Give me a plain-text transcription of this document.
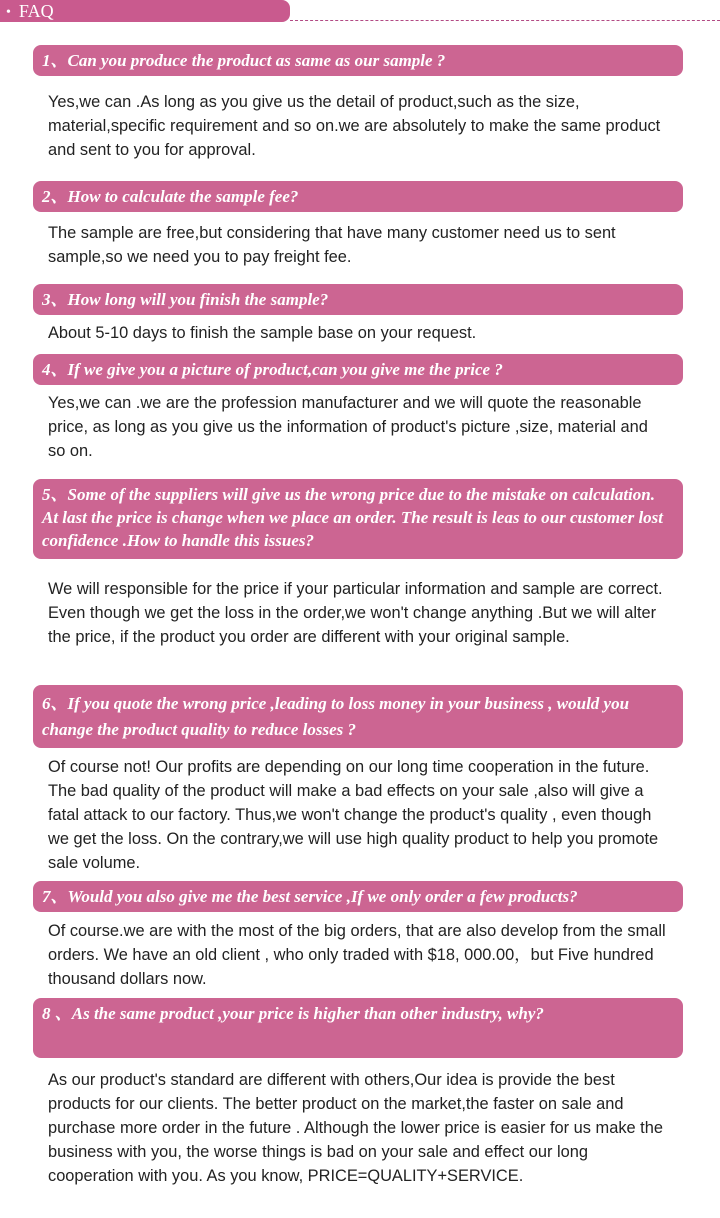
• FAQ
1、Can you produce the product as same as our sample ?

Yes,we can .As long as you give us the detail of product,such as the size, material,specific requirement and so on.we are absolutely to make the same product and sent to you for approval.

2、How to calculate the sample fee?

The sample are free,but considering that have many customer need us to sent sample,so we need you to pay freight fee.

3、How long will you finish the sample?

About 5-10 days to finish the sample base on your request.

4、If we give you a picture of product,can you give me the price ?

Yes,we can .we are the profession manufacturer and we will quote the reasonable price, as long as you give us the information of product's picture ,size, material and so on.

5、Some of the suppliers will give us the wrong price due to the mistake on calculation. At last the price is change when we place an order. The result is leas to our customer lost confidence .How to handle this issues?

We will responsible for the price if your particular information and sample are correct. Even though we get the loss in the order,we won't change anything .But we will alter the price, if the product you order are different with your original sample.

6、If you quote the wrong price ,leading to loss money in your business , would you change the product quality to reduce losses ?

Of course not! Our profits are depending on our long time cooperation in the future. The bad quality of the product will make a bad effects on your sale ,also will give a fatal attack to our factory. Thus,we won't change the product's quality , even though we get the loss. On the contrary,we will use high quality product to help you promote sale volume.

7、Would you also give me the best service ,If we only order a few products?

Of course.we are with the most of the big orders, that are also develop from the small orders. We have an old client , who only traded with $18, 000.00，but Five hundred thousand dollars now.

8 、As the same product ,your price is higher than other industry, why?

As our product's standard are different with others,Our idea is provide the best products for our clients. The better product on the market,the faster on sale and purchase more order in the future . Although the lower price is easier for us make the business with you, the worse things is bad on your sale and effect our long cooperation with you. As you know, PRICE=QUALITY+SERVICE.
